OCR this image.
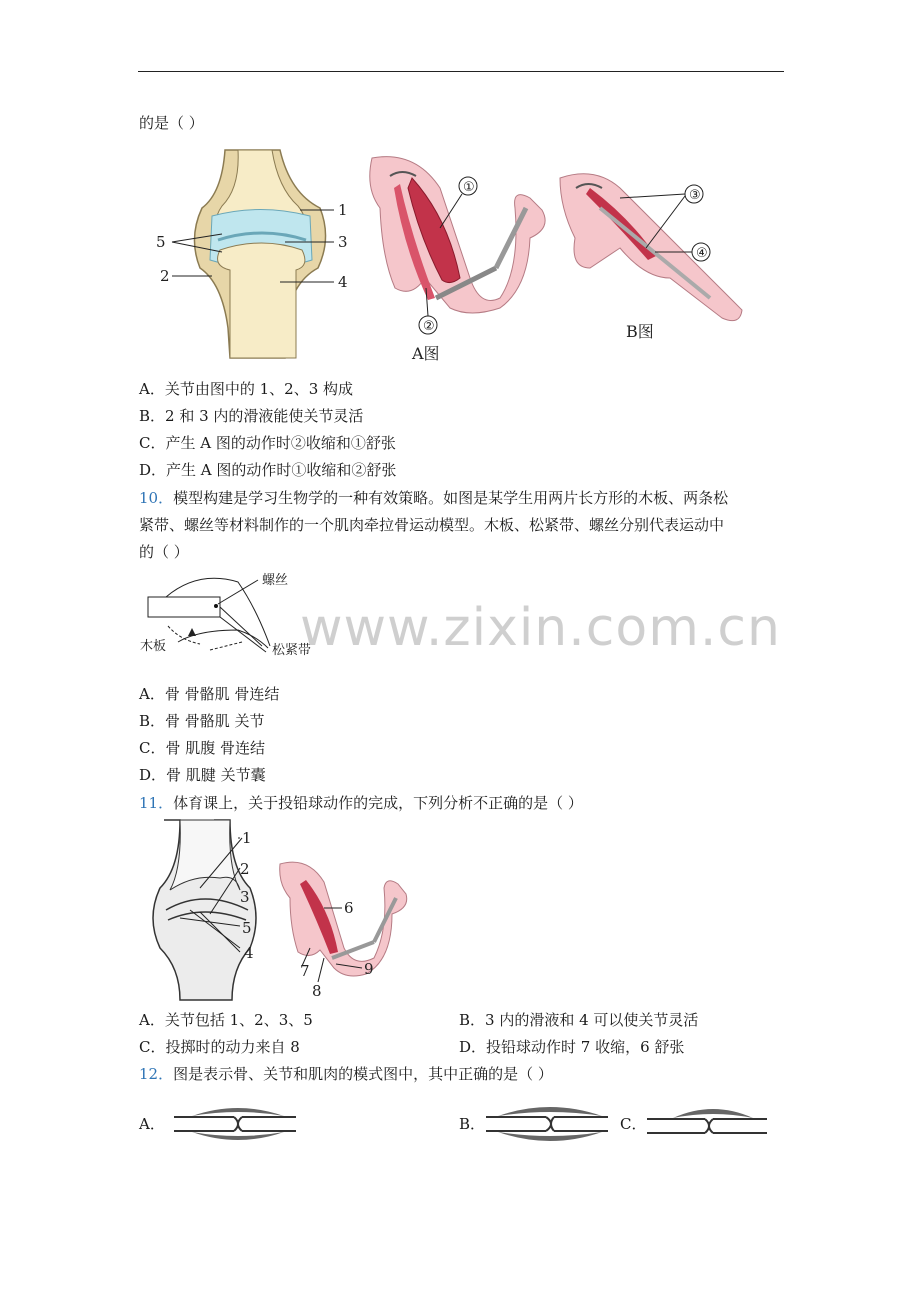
的是（ ）
1
3
4
5
2
①
②
A图
③
④
B图
A．关节由图中的 1、2、3 构成
B．2 和 3 内的滑液能使关节灵活
C．产生 A 图的动作时②收缩和①舒张
D．产生 A 图的动作时①收缩和②舒张
10．模型构建是学习生物学的一种有效策略。如图是某学生用两片长方形的木板、两条松
紧带、螺丝等材料制作的一个肌肉牵拉骨运动模型。木板、松紧带、螺丝分别代表运动中
的（ ）
螺丝
木板	松紧带
www.zixin.com.cn
A．骨 骨骼肌 骨连结
B．骨 骨骼肌 关节
C．骨 肌腹 骨连结
D．骨 肌腱 关节囊
11．体育课上，关于投铅球动作的完成，下列分析不正确的是（ ）
1
2
3
5
4
6
7
8
9
A．关节包括 1、2、3、5	B．3 内的滑液和 4 可以使关节灵活
C．投掷时的动力来自 8	D．投铅球动作时 7 收缩，6 舒张
12．图是表示骨、关节和肌肉的模式图中，其中正确的是（ ）
A．	B．	C．
